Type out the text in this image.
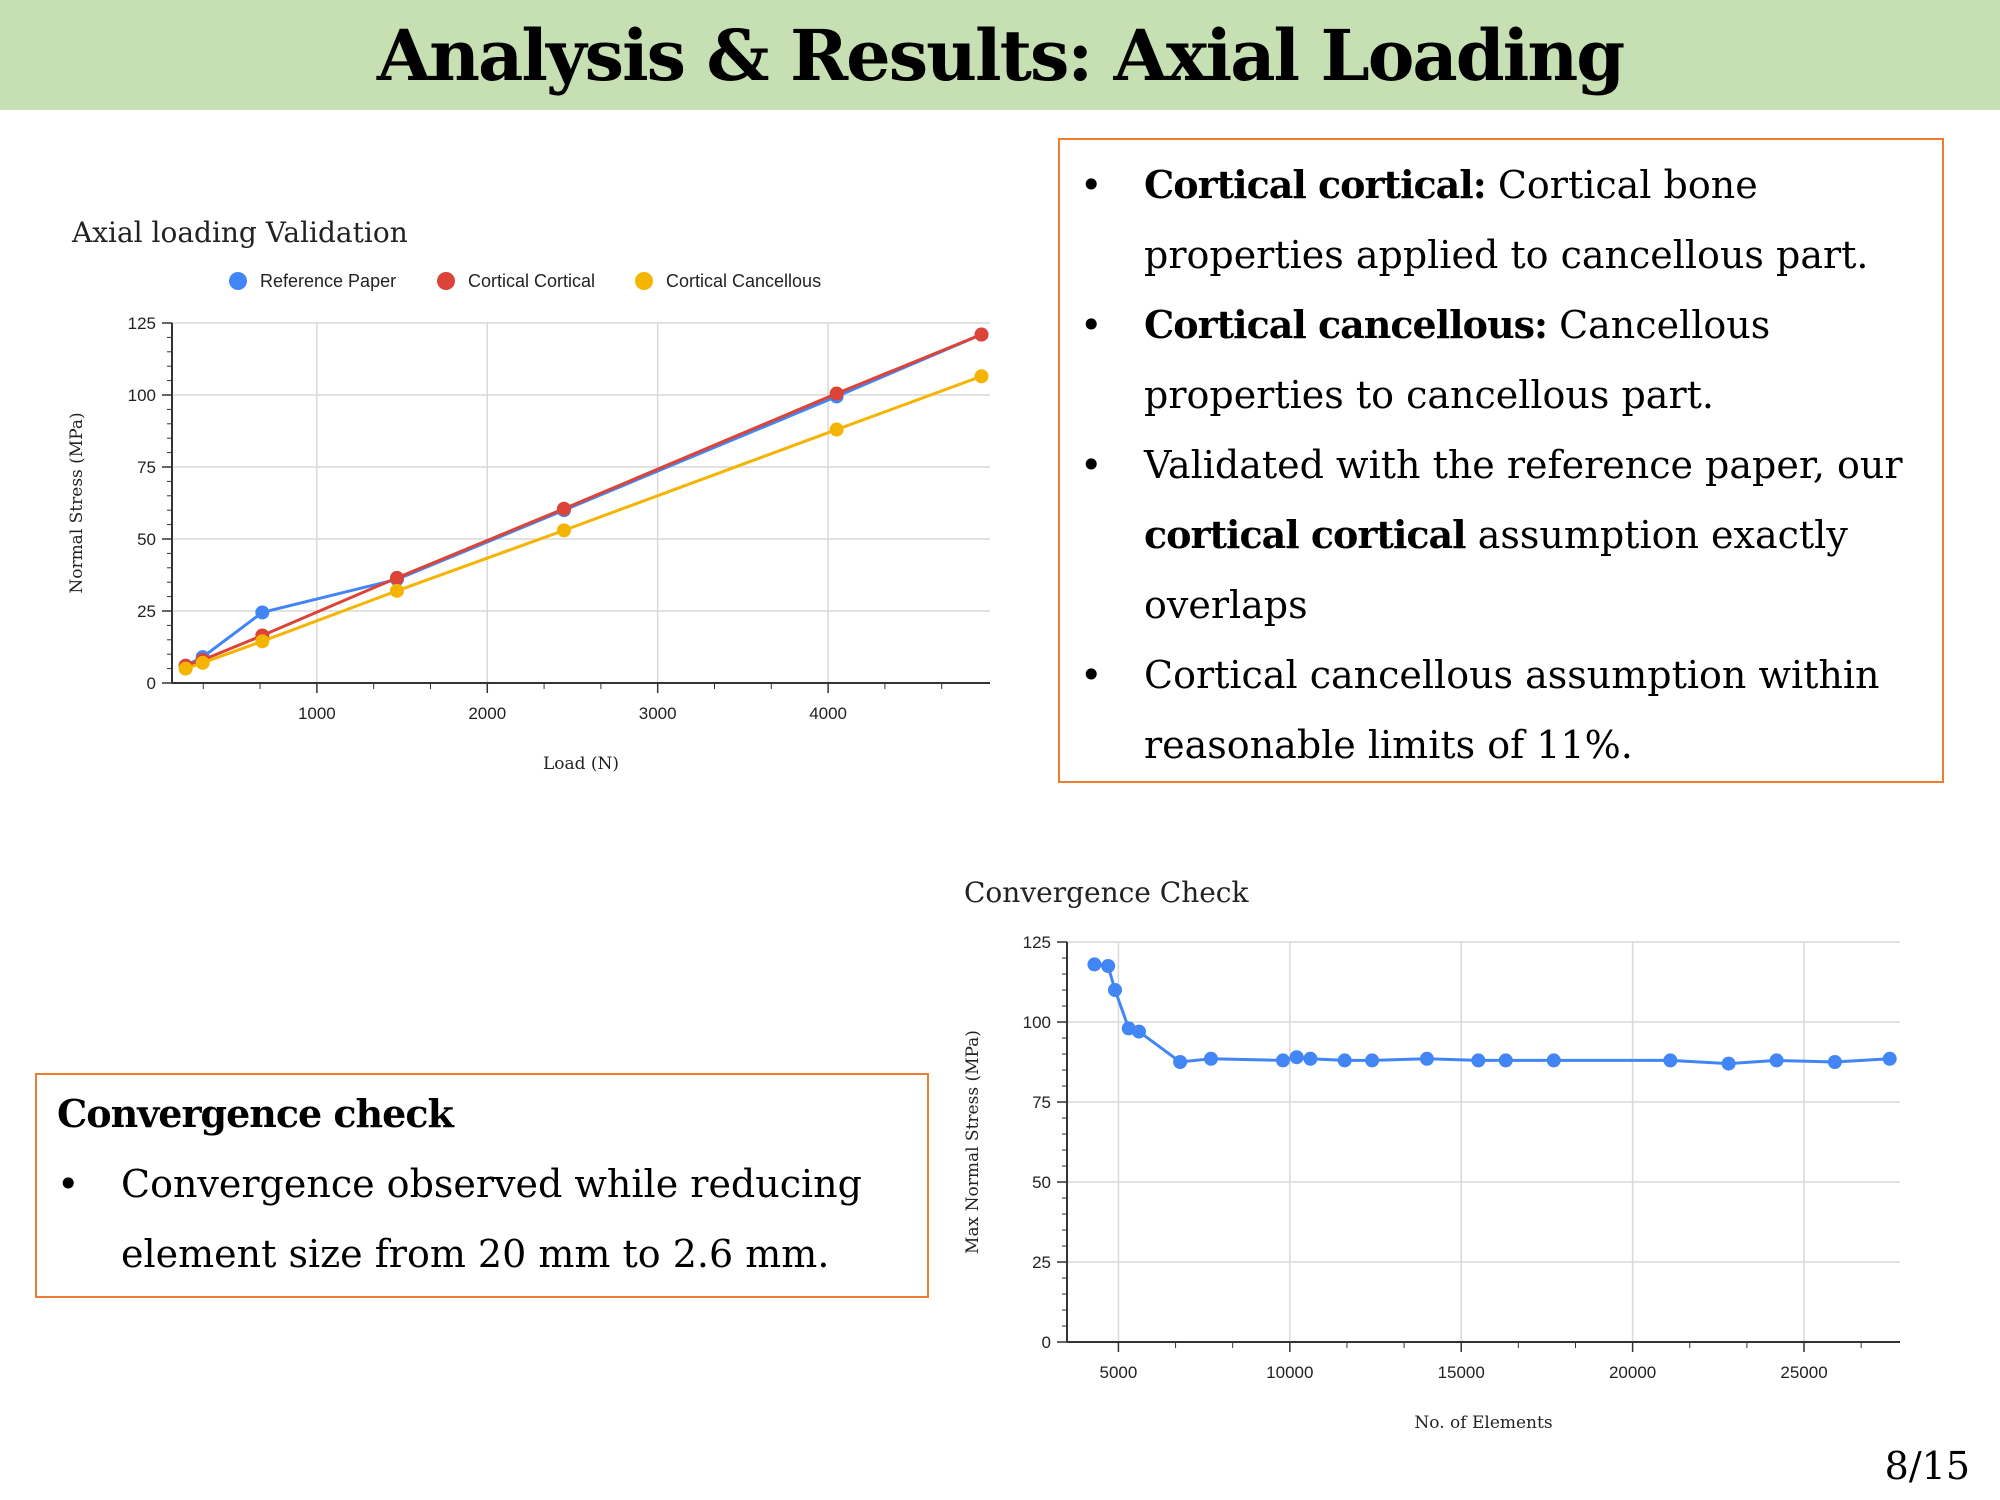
Analysis & Results: Axial Loading
Axial loading Validation
0
25
50
75
100
125
1000	2000	3000	4000
Load (N)
Normal Stress (MPa)
Reference Paper	Cortical Cortical	Cortical Cancellous
Convergence Check
0
25
50
75
100
125
5000	10000	15000	20000	25000
No. of Elements
Max Normal Stress (MPa)
• Cortical cortical: Cortical bone properties applied to cancellous part.
• Cortical cancellous: Cancellous properties to cancellous part.
• Validated with the reference paper, our cortical cortical assumption exactly overlaps
• Cortical cancellous assumption within reasonable limits of 11%.
Convergence check
• Convergence observed while reducing element size from 20 mm to 2.6 mm.
8/15
